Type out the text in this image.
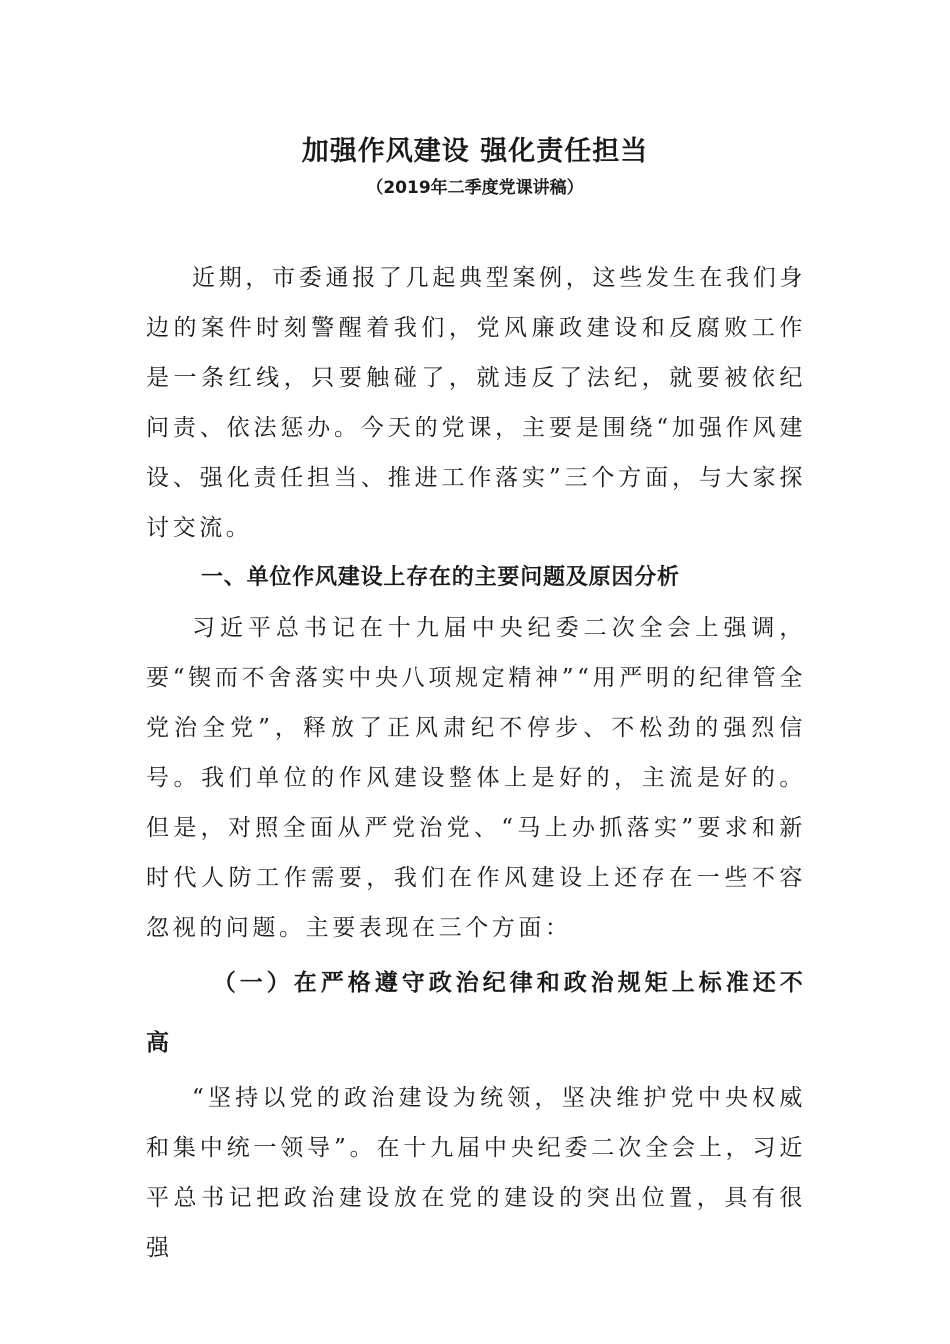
加强作风建设 强化责任担当
（2019年二季度党课讲稿）

近期，市委通报了几起典型案例，这些发生在我们身边的案件时刻警醒着我们，党风廉政建设和反腐败工作是一条红线，只要触碰了，就违反了法纪，就要被依纪问责、依法惩办。今天的党课，主要是围绕“加强作风建设、强化责任担当、推进工作落实”三个方面，与大家探讨交流。

一、单位作风建设上存在的主要问题及原因分析

习近平总书记在十九届中央纪委二次全会上强调，要“锲而不舍落实中央八项规定精神”“用严明的纪律管全党治全党”，释放了正风肃纪不停步、不松劲的强烈信号。我们单位的作风建设整体上是好的，主流是好的。但是，对照全面从严党治党、“马上办抓落实”要求和新时代人防工作需要，我们在作风建设上还存在一些不容忽视的问题。主要表现在三个方面：

（一）在严格遵守政治纪律和政治规矩上标准还不高

“坚持以党的政治建设为统领，坚决维护党中央权威和集中统一领导”。在十九届中央纪委二次全会上，习近平总书记把政治建设放在党的建设的突出位置，具有很强
